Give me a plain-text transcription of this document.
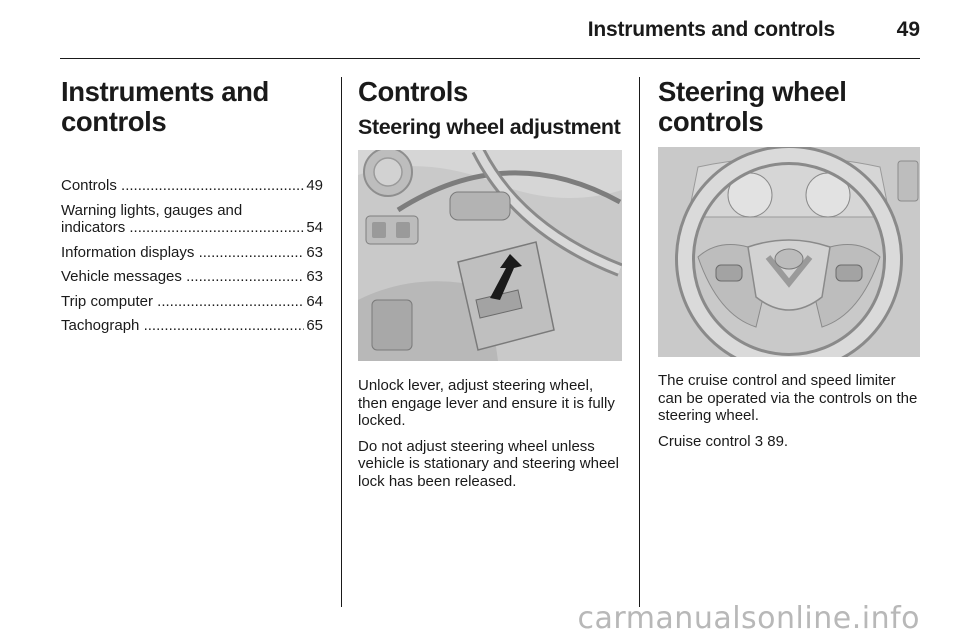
Instruments and controls	49
Instruments and
controls
Controls .....	49
Warning lights, gauges and
indicators .....	54
Information displays .....	63
Vehicle messages .....	63
Trip computer .....	64
Tachograph .....	65
Controls
Steering wheel adjustment

Unlock lever, adjust steering wheel, then engage lever and ensure it is fully locked.

Do not adjust steering wheel unless vehicle is stationary and steering wheel lock has been released.

Steering wheel controls

The cruise control and speed limiter can be operated via the controls on the steering wheel.

Cruise control 3 89.

carmanualsonline.info
